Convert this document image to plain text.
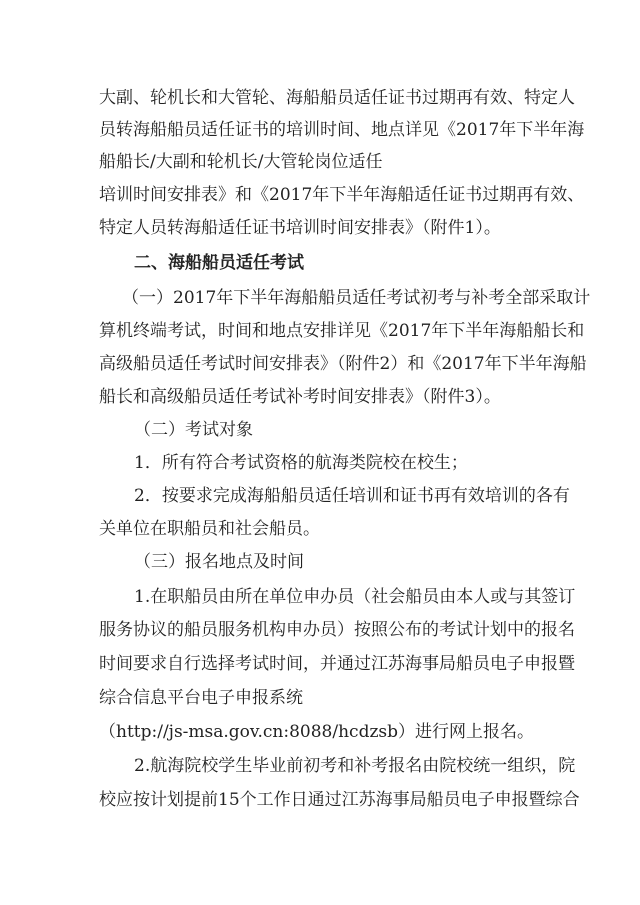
大副、轮机长和大管轮、海船船员适任证书过期再有效、特定人
员转海船船员适任证书的培训时间、地点详见《2017年下半年海
船船长/大副和轮机长/大管轮岗位适任
培训时间安排表》和《2017年下半年海船适任证书过期再有效、
特定人员转海船适任证书培训时间安排表》（附件1）。
二、海船船员适任考试
（一）2017年下半年海船船员适任考试初考与补考全部采取计
算机终端考试，时间和地点安排详见《2017年下半年海船船长和
高级船员适任考试时间安排表》（附件2）和《2017年下半年海船
船长和高级船员适任考试补考时间安排表》（附件3）。
（二）考试对象
1．所有符合考试资格的航海类院校在校生；
2．按要求完成海船船员适任培训和证书再有效培训的各有
关单位在职船员和社会船员。
（三）报名地点及时间
1.在职船员由所在单位申办员（社会船员由本人或与其签订
服务协议的船员服务机构申办员）按照公布的考试计划中的报名
时间要求自行选择考试时间，并通过江苏海事局船员电子申报暨
综合信息平台电子申报系统
（http://js-msa.gov.cn:8088/hcdzsb）进行网上报名。
2.航海院校学生毕业前初考和补考报名由院校统一组织，院
校应按计划提前15个工作日通过江苏海事局船员电子申报暨综合
